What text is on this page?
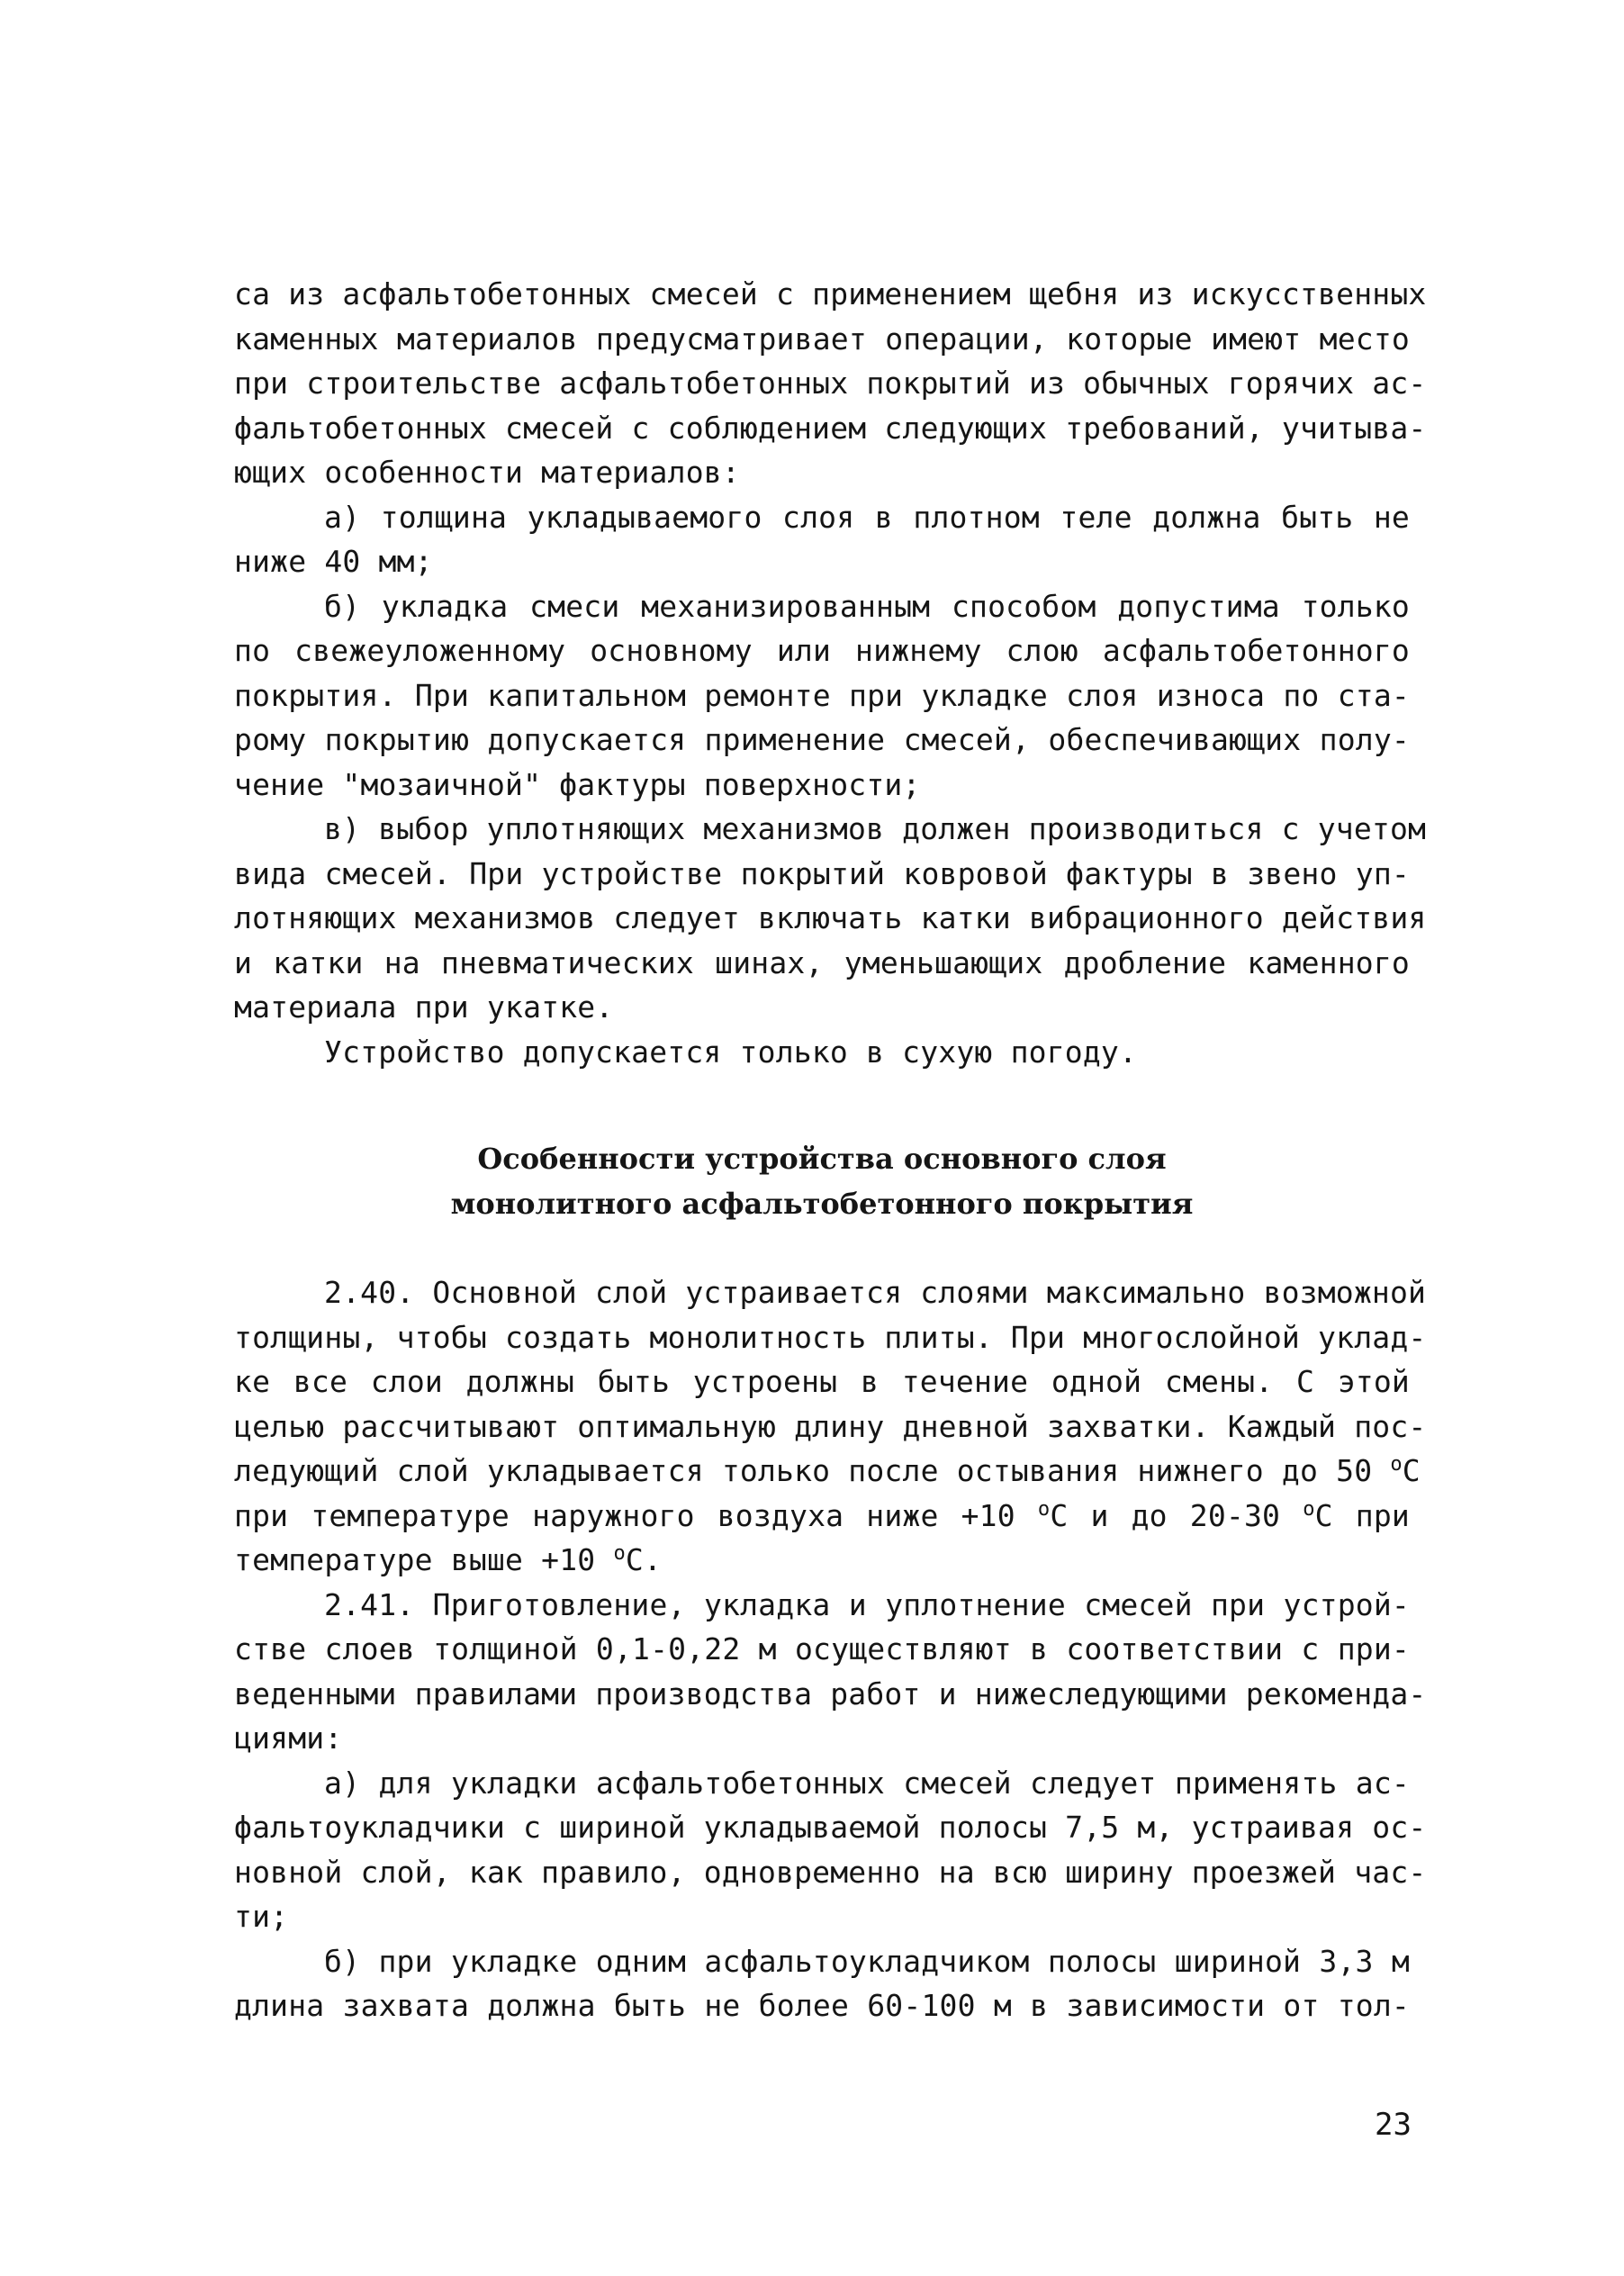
са из асфальтобетонных смесей с применением щебня из искусственных
каменных материалов предусматривает операции, которые имеют место
при строительстве асфальтобетонных покрытий из обычных горячих ас-
фальтобетонных смесей с соблюдением следующих требований, учитыва-
ющих особенности материалов:
а) толщина укладываемого слоя в плотном теле должна быть не
ниже 40 мм;
б) укладка смеси механизированным способом допустима только
по свежеуложенному основному или нижнему слою асфальтобетонного
покрытия. При капитальном ремонте при укладке слоя износа по ста-
рому покрытию допускается применение смесей, обеспечивающих полу-
чение "мозаичной" фактуры поверхности;
в) выбор уплотняющих механизмов должен производиться с учетом
вида смесей. При устройстве покрытий ковровой фактуры в звено уп-
лотняющих механизмов следует включать катки вибрационного действия
и катки на пневматических шинах, уменьшающих дробление каменного
материала при укатке.
Устройство допускается только в сухую погоду.
Особенности устройства основного слоя
монолитного асфальтобетонного покрытия
2.40. Основной слой устраивается слоями максимально возможной
толщины, чтобы создать монолитность плиты. При многослойной уклад-
ке все слои должны быть устроены в течение одной смены. С этой
целью рассчитывают оптимальную длину дневной захватки. Каждый пос-
ледующий слой укладывается только после остывания нижнего до 50 $^о$С
при температуре наружного воздуха ниже +10 $^о$С и до 20-30 $^о$С при
температуре выше +10 $^о$С.
2.41. Приготовление, укладка и уплотнение смесей при устрой-
стве слоев толщиной 0,1-0,22 м осуществляют в соответствии с при-
веденными правилами производства работ и нижеследующими рекоменда-
циями:
а) для укладки асфальтобетонных смесей следует применять ас-
фальтоукладчики с шириной укладываемой полосы 7,5 м, устраивая ос-
новной слой, как правило, одновременно на всю ширину проезжей час-
ти;
б) при укладке одним асфальтоукладчиком полосы шириной 3,3 м
длина захвата должна быть не более 60-100 м в зависимости от тол-
23
